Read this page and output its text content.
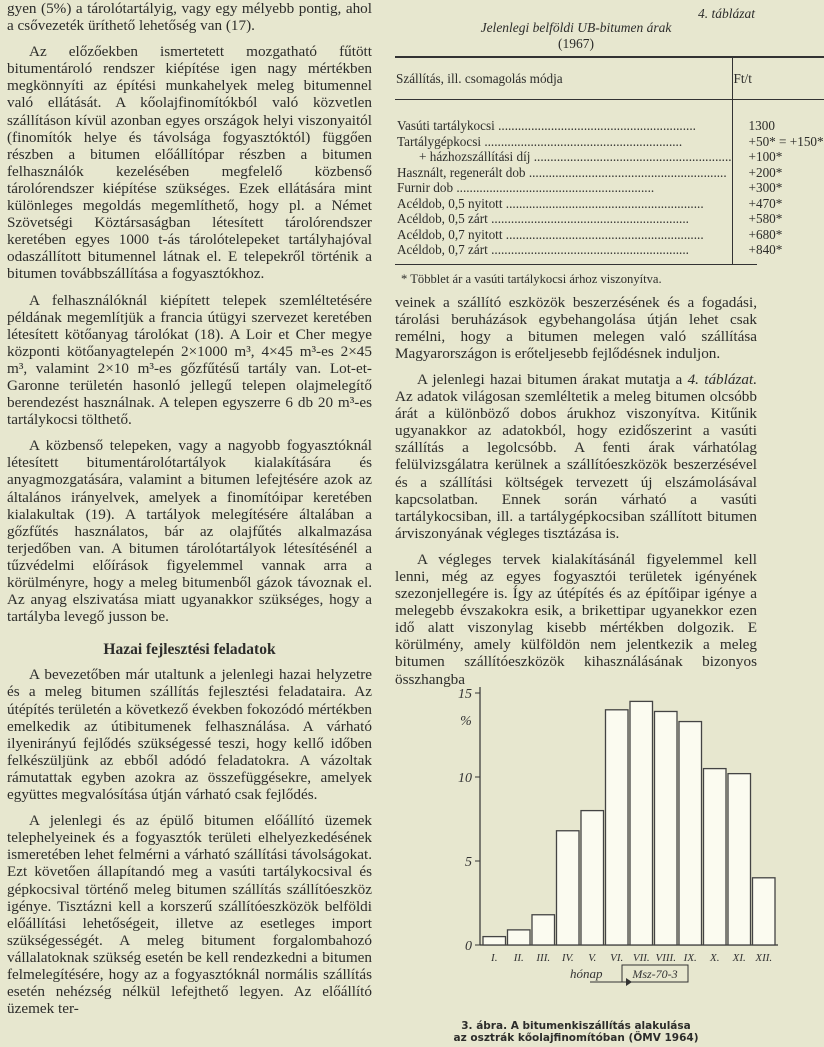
gyen (5%) a tárolótartályig, vagy egy mélyebb pontig, ahol a csővezeték üríthető lehetőség van (17).

Az előzőekben ismertetett mozgatható fűtött bitumentároló rendszer kiépítése igen nagy mértékben megkönnyíti az építési munkahelyek meleg bitumennel való ellátását. A kőolajfinomítókból való közvetlen szállításon kívül azonban egyes országok helyi viszonyaitól (finomítók helye és távolsága fogyasztóktól) függően részben a bitumen előállítópar részben a bitumen felhasználók kezelésében megfelelő közbenső tárolórendszer kiépítése szükséges. Ezek ellátására mint különleges megoldás megemlíthető, hogy pl. a Német Szövetségi Köztársaságban létesített tárolórendszer keretében egyes 1000 t-ás tárolótelepeket tartályhajóval odaszállított bitumennel látnak el. E telepekről történik a bitumen továbbszállítása a fogyasztókhoz.

A felhasználóknál kiépített telepek szemléltetésére példának megemlítjük a francia útügyi szervezet keretében létesített kötőanyag tárolókat (18). A Loir et Cher megye központi kötőanyagtelepén 2×1000 m³, 4×45 m³-es 2×45 m³, valamint 2×10 m³-es gőzfűtésű tartály van. Lot-et-Garonne területén hasonló jellegű telepen olajmelegítő berendezést használnak. A telepen egyszerre 6 db 20 m³-es tartálykocsi tölthető.

A közbenső telepeken, vagy a nagyobb fogyasztóknál létesített bitumentárolótartályok kialakítására és anyagmozgatására, valamint a bitumen lefejtésére azok az általános irányelvek, amelyek a finomítóipar keretében kialakultak (19). A tartályok melegítésére általában a gőzfűtés használatos, bár az olajfűtés alkalmazása terjedőben van. A bitumen tárolótartályok létesítésénél a tűzvédelmi előírások figyelemmel vannak arra a körülményre, hogy a meleg bitumenből gázok távoznak el. Az anyag elszivatása miatt ugyanakkor szükséges, hogy a tartályba levegő jusson be.

Hazai fejlesztési feladatok

A bevezetőben már utaltunk a jelenlegi hazai helyzetre és a meleg bitumen szállítás fejlesztési feladataira. Az útépítés területén a következő években fokozódó mértékben emelkedik az útibitumenek felhasználása. A várható ilyenirányú fejlődés szükségessé teszi, hogy kellő időben felkészüljünk az ebből adódó feladatokra. A vázoltak rámutattak egyben azokra az összefüggésekre, amelyek együttes megvalósítása útján várható csak fejlődés.

A jelenlegi és az épülő bitumen előállító üzemek telephelyeinek és a fogyasztók területi elhelyezkedésének ismeretében lehet felmérni a várható szállítási távolságokat. Ezt követően állapítandó meg a vasúti tartálykocsival és gépkocsival történő meleg bitumen szállítás szállítóeszköz igénye. Tisztázni kell a korszerű szállítóeszközök belföldi előállítási lehetőségeit, illetve az esetleges import szükségességét. A meleg bitument forgalombahozó vállalatoknak szükség esetén be kell rendezkedni a bitumen felmelegítésére, hogy az a fogyasztóknál normális szállítás esetén nehézség nélkül lefejthető legyen. Az előállító üzemek ter-

4. táblázat
Jelenlegi belföldi UB-bitumen árak
(1967)
Szállítás, ill. csomagolás módja	Ft/t

Vasúti tartálykocsi .....	1300

Tartálygépkocsi .....	+50* = +150*

+ házhozszállítási díj .....	+100*

Használt, regenerált dob .....	+200*

Furnir dob .....	+300*

Acéldob, 0,5 nyitott .....	+470*

Acéldob, 0,5 zárt .....	+580*

Acéldob, 0,7 nyitott .....	+680*

Acéldob, 0,7 zárt .....	+840*
* Többlet ár a vasúti tartálykocsi árhoz viszonyítva.

veinek a szállító eszközök beszerzésének és a fogadási, tárolási beruházások egybehangolása útján lehet csak remélni, hogy a bitumen melegen való szállítása Magyarországon is erőteljesebb fejlődésnek induljon.

A jelenlegi hazai bitumen árakat mutatja a 4. táblázat. Az adatok világosan szemléltetik a meleg bitumen olcsóbb árát a különböző dobos árukhoz viszonyítva. Kitűnik ugyanakkor az adatokból, hogy ezidőszerint a vasúti szállítás a legolcsóbb. A fenti árak várhatólag felülvizsgálatra kerülnek a szállítóeszközök beszerzésével és a szállítási költségek tervezett új elszámolásával kapcsolatban. Ennek során várható a vasúti tartálykocsiban, ill. a tartálygépkocsiban szállított bitumen árviszonyának végleges tisztázása is.

A végleges tervek kialakításánál figyelemmel kell lenni, még az egyes fogyasztói területek igényének szezonjellegére is. Így az útépítés és az építőipar igénye a melegebb évszakokra esik, a brikettipar ugyanekkor ezen idő alatt viszonylag kisebb mértékben dolgozik. E körülmény, amely külföldön nem jelentkezik a meleg bitumen szállítóeszközök kihasználásának bizonyos összhangba

0
5
10
15
%
I. II. III. IV. V. VI. VII. VIII. IX. X. XI. XII.
hónap Msz-70-3
3. ábra. A bitumenkiszállítás alakulása
az osztrák kőolajfinomítóban (ÖMV 1964)
